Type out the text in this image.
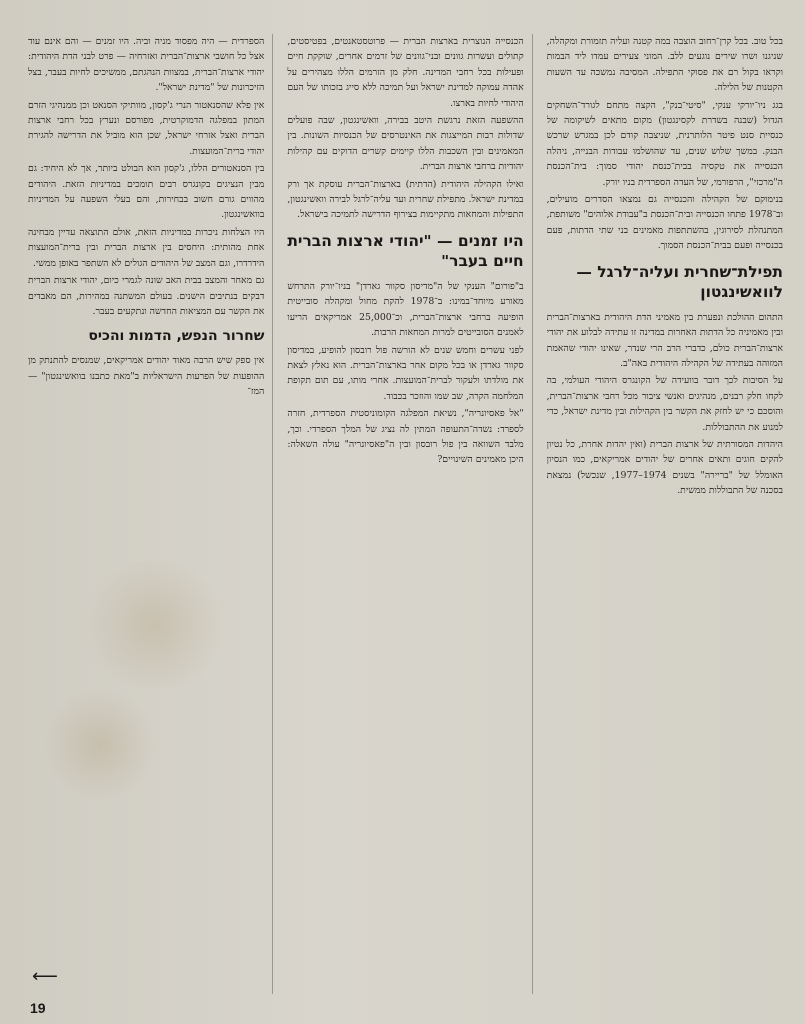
בכל טוב. בכל קרן־רחוב הוצבה במה קטנה ועליה תזמורת ומקהלה, שניגנו ושרו שירים נוגעים ללב. המוני צעירים עמדו ליד הבמות וקראו בקול רם את פסוקי התפילה. המסיבה נמשכה עד השעות הקטנות של הלילה.

בגג ניו־יורקי ענקי, "סיטי־בנק", הקצה מתחם לגורד־השחקים הגדול (שבנה בשדרת לקסינגטון) מקום מתאים לשיקומה של כנסיית סנט פיטר הלותרנית, שניצבה קודם לכן במגרש שרכש הבנק. במשך שלוש שנים, עד שהושלמו עבודות הבנייה, ניהלה הכנסייה את טקסיה בבית־כנסת יהודי סמוך: בית־הכנסת ה"מרכזי", הרפורמי, של העדה הספרדית בניו יורק.

בנימוקם של הקהילה והכנסייה גם נמצאו הסדרים מועילים, וב־1978 פתחו הכנסייה ובית־הכנסת ב"עבודת אלוהים" משותפת, המתנהלת לסירוגין, בהשתתפות מאמינים בני שתי הדתות, פעם בכנסייה ופעם בבית־הכנסת הסמוך.

תפילת־שחרית ועליה־לרגל — לוואשינגטון

התהום ההולכת ונפערת בין מאמיני הדת היהודית בארצות־הברית ובין מאמיניה כל הדתות האחרות במדינה זו עתידה לבלוע את יהודי ארצות־הברית כולם, כדברי הרב הרי שנדר, שאינו יהודי שהאמת המזוהה בעתידה של הקהילה היהודית באה"ב.

על הסיבות לכך דובר בוועידה של הקונגרס היהודי העולמי, בה לקחו חלק רבנים, מנהיגים ואנשי ציבור מכל רחבי ארצות־הברית, והוסכם כי יש לחזק את הקשר בין הקהילות ובין מדינת ישראל, כדי למנוע את ההתבוללות.

היהדות המסורתית של ארצות הברית (ואין יהדות אחרת, כל נטיון להקים חוגים ותאים אחרים של יהודים אמריקאים, כמו הנסיון האומלל של "בריירה" בשנים 1974–1977, שנכשל) נמצאת בסכנה של התבוללות ממשית.

הכנסייה הנוצרית בארצות הברית — פרוטסטאנטים, בפטיסטים, קתולים ועשרות גוונים ובני־גוונים של זרמים אחרים, שוקקת חיים ופעילות בכל רחבי המדינה. חלק מן הזרמים הללו מצהירים על אהדה עמוקה למדינת ישראל ועל תמיכה ללא סייג בזכותו של העם היהודי לחיות בארצו.

ההשפעה הזאת נרגשת היטב בבירה, וואשינגטון, שבה פועלים שדולות רבות המייצגות את האינטרסים של הכנסיות השונות. בין המאמינים ובין השכבות הללו קיימים קשרים הדוקים עם קהילות יהודיות ברחבי ארצות הברית.

ואילו הקהילה היהודית (הדתית) בארצות־הברית עוסקת אך ורק במדינת ישראל. מתפילת שחרית ועד עליה־לרגל לבירה וואשינגטון, התפילות והמחאות מתקיימות בצירוף הדרישה לתמיכה בישראל.

היו זמנים — "יהודי ארצות הברית חיים בעבר"

ב"פורום" הענקי של ה"מדיסון סקוור גארדן" בניו־יורק התרחש מאורע מיוחד־במינו: ב־1978 להקת מחול ומקהלה סובייטית הופיעה ברחבי ארצות־הברית, וכ־25,000 אמריקאים הריעו לאמנים הסובייטים למרות המחאות הרבות.

לפני עשרים וחמש שנים לא הורשה פול רובסון להופיע, במדיסון סקוור גארדן או בכל מקום אחר בארצות־הברית. הוא נאלץ לצאת את מולדתו ולעקור לברית־המועצות. אחרי מותו, עם תום תקופת המלחמה הקרה, שב שמו והוזכר בכבוד.

"אל פאסיונריה", נשיאת המפלגה הקומוניסטית הספרדית, חזרה לספרד: נשדה־התעופה המתין לה נציג של המלך הספרדי. וכך, מלבד השוואה בין פול רובסון ובין ה"פאסיונריה" עולה השאלה: היכן מאמינים השינויים?

הספרדית — היה מפסוד מניה וביה. היו זמנים — והם אינם עוד אצל כל חושבי ארצות־הברית ואזרחיה — פרט לבני הדת היהודית: יהודי ארצות־הברית, במצוות הנהגתם, ממשיכים לחיות בעבר, בצל הזיכרונות של "מדינת ישראל".

אין פלא שהסנאטור הנרי ג'קסון, מוותיקי הסנאט וכן ממנהיגי הזרם המתון במפלגה הדמוקרטית, מפורסם ונערץ בכל רחבי ארצות הברית ואצל אזרחי ישראל, שכן הוא מוביל את הדרישה להגירת יהודי ברית־המועצות.

בין הסנאטורים הללו, ג'קסון הוא הבולט ביותר, אך לא היחיד: גם מבין הנציגים בקונגרס רבים תומכים במדיניות הזאת. היהודים מהווים גורם חשוב בבחירות, והם בעלי השפעה על המדיניות בוואשינגטון.

היו הצלחות ניכרות במדיניות הזאת, אולם התוצאה עדיין מבחינה אחת מהותית: היחסים בין ארצות הברית ובין ברית־המועצות הידרדרו, וגם המצב של היהודים הגולים לא השתפר באופן ממשי.

גם מאחר והמצב בבית האב שונה לגמרי כיום, יהודי ארצות הברית דבקים בנתיבים הישנים. בעולם המשתנה במהירות, הם מאבדים את הקשר עם המציאות החדשה ונתקעים בעבר.

שחרור הנפש, הדמות והכיס

אין ספק שיש הרבה מאוד יהודים אמריקאים, שמנסים להתנתק מן ההופעות של הפרעות הישראליות ב"מאת כתבנו בוואשינגטון" — המז־

⟵
19
